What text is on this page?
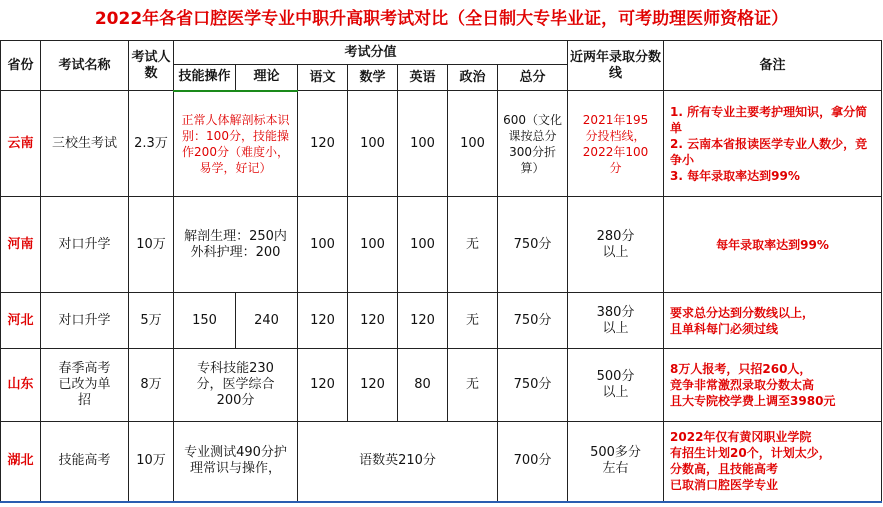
2022年各省口腔医学专业中职升高职考试对比（全日制大专毕业证，可考助理医师资格证）
省份	考试名称	考试人数	考试分值							近两年录取分数线	备注
			技能操作	理论	语文	数学	英语	政治	总分		
云南	三校生考试	2.3万	正常人体解剖标本识别：100分，技能操作200分（难度小，易学，好记）		120	100	100	100	600（文化课按总分300分折算）	2021年195分投档线，2022年100分	1. 所有专业主要考护理知识，拿分简单
2. 云南本省报读医学专业人数少，竞争小
3. 每年录取率达到99%

河南	对口升学	10万	解剖生理：250内外科护理：200		100	100	100	无	750分	280分以上	每年录取率达到99%

河北	对口升学	5万	150	240	120	120	120	无	750分	380分以上	要求总分达到分数线以上，
且单科每门必须过线

山东	春季高考已改为单招	8万	专科技能230分，医学综合200分		120	120	80	无	750分	500分以上	8万人报考，只招260人，
竞争非常激烈录取分数太高
且大专院校学费上调至3980元

湖北	技能高考	10万	专业测试490分护理常识与操作，		语数英210分				700分	500多分左右	2022年仅有黄冈职业学院
有招生计划20个，计划太少，
分数高，且技能高考
已取消口腔医学专业
